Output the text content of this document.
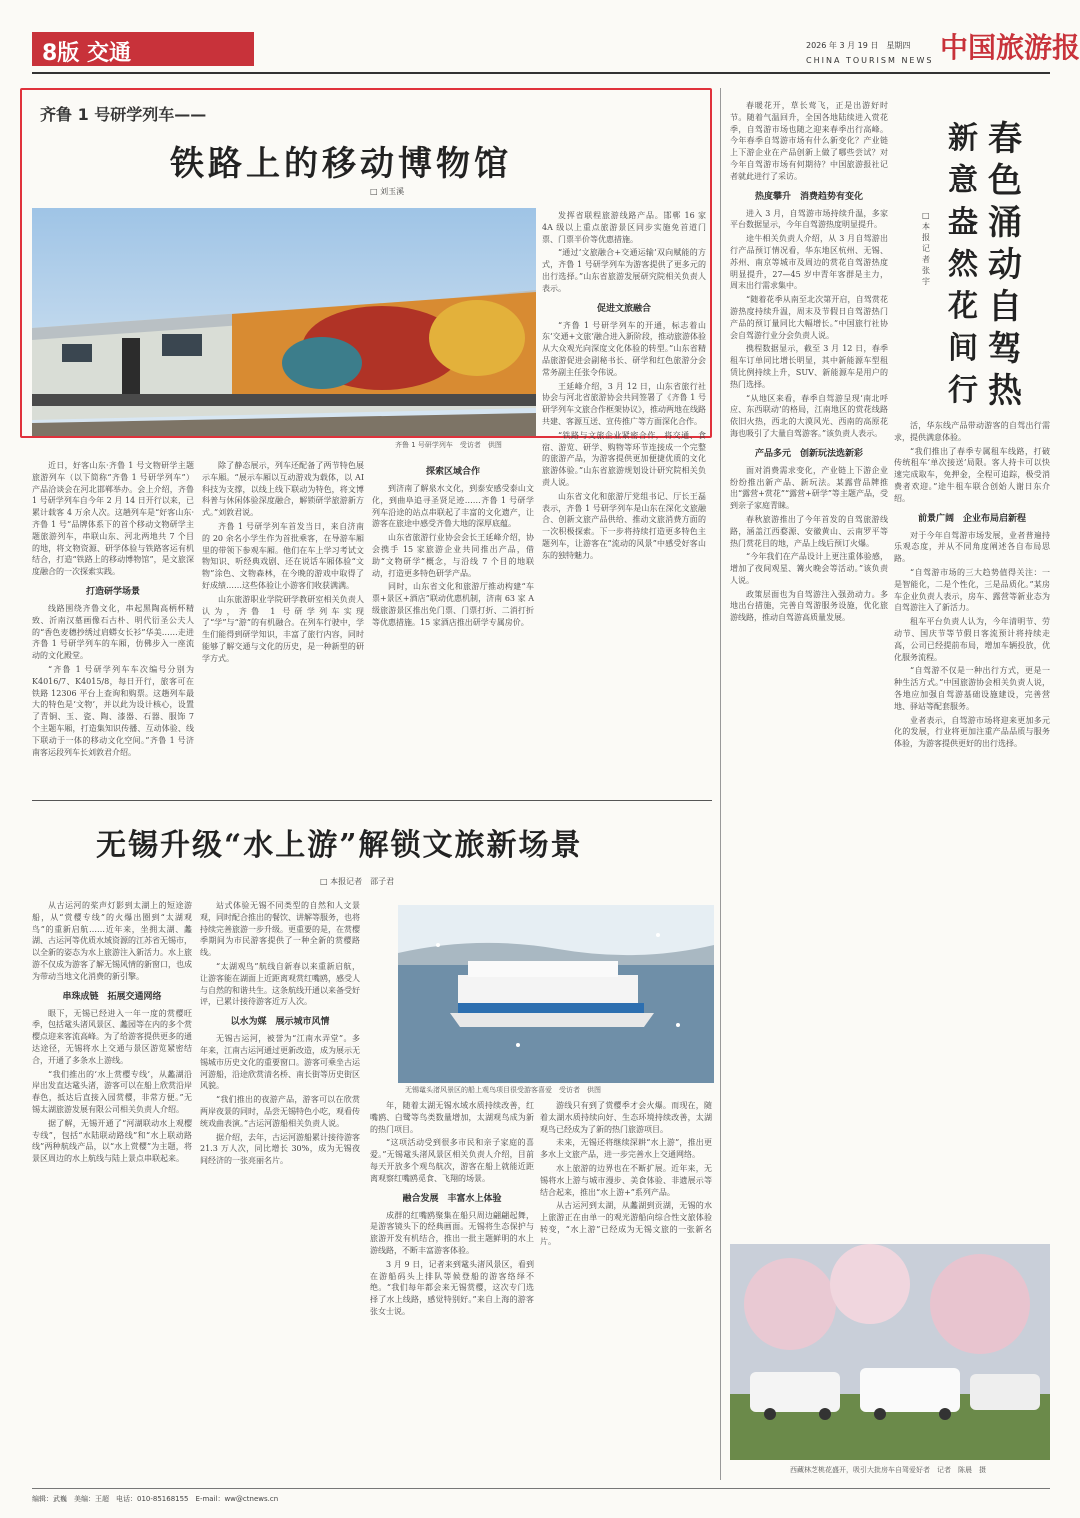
8版 交通	2026 年 3 月 19 日　星期四
CHINA TOURISM NEWS 中国旅游报
齐鲁 1 号研学列车——
铁路上的移动博物馆
□ 刘玉溪
齐鲁 1 号研学列车　受访者　供图

近日，好客山东·齐鲁 1 号文物研学主题旅游列车（以下简称“齐鲁 1 号研学列车”）产品洽谈会在河北邯郸举办。会上介绍，齐鲁 1 号研学列车自今年 2 月 14 日开行以来，已累计载客 4 万余人次。这趟列车是“好客山东·齐鲁 1 号”品牌体系下的首个移动文物研学主题旅游列车，串联山东、河北两地共 7 个目的地，将文物资源、研学体验与铁路客运有机结合，打造“铁路上的移动博物馆”，是文旅深度融合的一次探索实践。

打造研学场景

线路围绕齐鲁文化，串起黑陶高柄杯精致、沂南汉墓画像石古朴、明代衍圣公夫人的“香色麦穗抄绣过肩蟒女长衫”华美……走进齐鲁 1 号研学列车的车厢，仿佛步入一座流动的文化殿堂。

“齐鲁 1 号研学列车车次编号分别为 K4016/7、K4015/8，每日开行，旅客可在铁路 12306 平台上查询和购票。这趟列车最大的特色是‘文物’，并以此为设计核心，设置了青铜、玉、瓷、陶、漆器、石器、服饰 7 个主题车厢，打造集知识传播、互动体验、线下联动于一体的移动文化空间。”齐鲁 1 号济南客运段列车长刘敦君介绍。

除了静态展示，列车还配备了两节特色展示车厢。“展示车厢以互动游戏为载体，以 AI 科技为支撑，以线上线下联动为特色，将文博科普与休闲体验深度融合，解锁研学旅游新方式。”刘敦君说。

齐鲁 1 号研学列车首发当日，来自济南的 20 余名小学生作为首批乘客，在导游车厢里的带领下参观车厢。他们在车上学习考试文物知识、听经典戏剧、还在说话车厢体验“文物”涂色、文物森林，在今晚的游戏中取得了好成绩……这些体验让小游客们收获满满。

山东旅游职业学院研学教研室相关负责人认为，齐鲁 1 号研学列车实现了“学”与“游”的有机融合。在列车行驶中，学生们能得到研学知识，丰富了旅行内容，同时能够了解交通与文化的历史，是一种新型的研学方式。

探索区域合作

到济南了解泉水文化，到泰安感受泰山文化，到曲阜追寻圣贤足迹……齐鲁 1 号研学列车沿途的站点串联起了丰富的文化遗产，让游客在旅途中感受齐鲁大地的深厚底蕴。

山东省旅游行业协会会长王延峰介绍，协会携手 15 家旅游企业共同推出产品，借助“文物研学”概念，与沿线 7 个目的地联动，打造更多特色研学产品。

同时，山东省文化和旅游厅推动构建“车票+景区+酒店”联动优惠机制，济南 63 家 A 级旅游景区推出免门票、门票打折、二消打折等优惠措施。15 家酒店推出研学专属房价。

发挥省联程旅游线路产品。邯郸 16 家 4A 级以上重点旅游景区同步实施免首道门票、门票半价等优惠措施。

“通过‘文旅融合+交通运输’双向赋能的方式，齐鲁 1 号研学列车为游客提供了更多元的出行选择。”山东省旅游发展研究院相关负责人表示。

促进文旅融合

“齐鲁 1 号研学列车的开通，标志着山东‘交通+文旅’融合进入新阶段，推动旅游体验从大众观光向深度文化体验的转型。”山东省精品旅游促进会副秘书长、研学和红色旅游分会常务副主任张令伟说。

王延峰介绍，3 月 12 日，山东省旅行社协会与河北省旅游协会共同签署了《齐鲁 1 号研学列车文旅合作框架协议》，推动两地在线路共建、客源互送、宣传推广等方面深化合作。

“铁路与文旅企业紧密合作，将交通、食宿、游览、研学、购物等环节连接成一个完整的旅游产品，为游客提供更加便捷优质的文化旅游体验。”山东省旅游规划设计研究院相关负责人说。

山东省文化和旅游厅党组书记、厅长王磊表示，齐鲁 1 号研学列车是山东在深化文旅融合、创新文旅产品供给、推动文旅消费方面的一次积极探索。下一步将持续打造更多特色主题列车，让游客在“流动的风景”中感受好客山东的独特魅力。

无锡升级“水上游”解锁文旅新场景
□ 本报记者　邵子君

从古运河的桨声灯影到太湖上的短途游船，从“赏樱专线”的火爆出圈到“太湖观鸟”的重新启航……近年来，坐拥太湖、蠡湖、古运河等优质水域资源的江苏省无锡市，以全新的姿态为水上旅游注入新活力。水上旅游不仅成为游客了解无锡风情的新窗口，也成为带动当地文化消费的新引擎。

串珠成链　拓展交通网络

眼下，无锡已经进入一年一度的赏樱旺季，包括鼋头渚风景区、蠡园等在内的多个赏樱点迎来客流高峰。为了给游客提供更多的通达途径，无锡将水上交通与景区游览紧密结合，开通了多条水上游线。

“我们推出的‘水上赏樱专线’，从蠡湖沿岸出发直达鼋头渚，游客可以在船上欣赏沿岸春色，抵达后直接入园赏樱，非常方便。”无锡太湖旅游发展有限公司相关负责人介绍。

据了解，无锡开通了“河湖联动水上观樱专线”，包括“水陆联动路线”和“水上联动路线”两种航线产品，以“水上赏樱”为主题，将景区周边的水上航线与陆上景点串联起来。

站式体验无锡不同类型的自然和人文景观，同时配合推出的餐饮、讲解等服务，也将持续完善旅游一步升级。更重要的是，在赏樱季期间为市民游客提供了一种全新的赏樱路线。

“太湖观鸟”航线自新春以来重新启航，让游客能在湖面上近距离观赏红嘴鸥，感受人与自然的和谐共生。这条航线开通以来备受好评，已累计接待游客近万人次。

以水为媒　展示城市风情

无锡古运河，被誉为“江南水弄堂”。多年来，江南古运河通过更新改造，成为展示无锡城市历史文化的重要窗口。游客可乘坐古运河游船，沿途欣赏清名桥、南长街等历史街区风貌。

“我们推出的夜游产品，游客可以在欣赏两岸夜景的同时，品尝无锡特色小吃，观看传统戏曲表演。”古运河游船相关负责人说。

据介绍，去年，古运河游船累计接待游客 21.3 万人次，同比增长 30%，成为无锡夜间经济的一张亮丽名片。

无锡鼋头渚风景区的船上观鸟项目很受游客喜爱　受访者　供图

年，随着太湖无锡水域水质持续改善，红嘴鸥、白鹭等鸟类数量增加，太湖观鸟成为新的热门项目。

“这项活动受到很多市民和亲子家庭的喜爱。”无锡鼋头渚风景区相关负责人介绍，目前每天开放多个观鸟航次，游客在船上就能近距离观察红嘴鸥觅食、飞翔的场景。

融合发展　丰富水上体验

成群的红嘴鸥聚集在船只周边翩翩起舞，是游客镜头下的经典画面。无锡将生态保护与旅游开发有机结合，推出一批主题鲜明的水上游线路，不断丰富游客体验。

3 月 9 日，记者来到鼋头渚风景区，看到在游船码头上排队等候登船的游客络绎不绝。“我们每年都会来无锡赏樱，这次专门选择了水上线路，感觉特别好。”来自上海的游客张女士说。

游线只有到了赏樱季才会火爆。而现在，随着太湖水质持续向好、生态环境持续改善，太湖观鸟已经成为了新的热门旅游项目。

未来，无锡还将继续深耕“水上游”，推出更多水上文旅产品，进一步完善水上交通网络。

水上旅游的边界也在不断扩展。近年来，无锡将水上游与城市漫步、美食体验、非遗展示等结合起来，推出“水上游+”系列产品。

从古运河到太湖，从蠡湖到贡湖，无锡的水上旅游正在由单一的观光游船向综合性文旅体验转变，“水上游”已经成为无锡文旅的一张新名片。

春色涌动自驾热
新意盎然花间行
□ 本报记者　张宇

春暖花开，草长莺飞，正是出游好时节。随着气温回升，全国各地陆续进入赏花季，自驾游市场也随之迎来春季出行高峰。今年春季自驾游市场有什么新变化？产业链上下游企业在产品创新上做了哪些尝试？对今年自驾游市场有何期待？中国旅游报社记者就此进行了采访。

热度攀升　消费趋势有变化

进入 3 月，自驾游市场持续升温，多家平台数据显示，今年自驾游热度明显提升。

途牛相关负责人介绍，从 3 月自驾游出行产品预订情况看，华东地区杭州、无锡、苏州、南京等城市及周边的赏花自驾游热度明显提升，27—45 岁中青年客群是主力，周末出行需求集中。

“随着花季从南至北次第开启，自驾赏花游热度持续升温，周末及节假日自驾游热门产品的预订量同比大幅增长。”中国旅行社协会自驾游行业分会负责人说。

携程数据显示，截至 3 月 12 日，春季租车订单同比增长明显，其中新能源车型租赁比例持续上升，SUV、新能源车是用户的热门选择。

“从地区来看，春季自驾游呈现‘南北呼应、东西联动’的格局，江南地区的赏花线路依旧火热，西北的大漠风光、西南的高原花海也吸引了大量自驾游客。”该负责人表示。

产品多元　创新玩法选新彩

面对消费需求变化，产业链上下游企业纷纷推出新产品、新玩法。某露营品牌推出“露营+赏花”“露营+研学”等主题产品，受到亲子家庭青睐。

春秋旅游推出了今年首发的自驾旅游线路，涵盖江西婺源、安徽黄山、云南罗平等热门赏花目的地，产品上线后预订火爆。

“今年我们在产品设计上更注重体验感，增加了夜间观星、篝火晚会等活动。”该负责人说。

政策层面也为自驾游注入强劲动力。多地出台措施，完善自驾游服务设施，优化旅游线路，推动自驾游高质量发展。

活，华东线产品带动游客的自驾出行需求，提供满意体验。

“我们推出了春季专属租车线路，打破传统租车‘单次接送’局限。客人持卡可以快速完成取车，免押金，全程可追踪，极受消费者欢迎。”途牛租车联合创始人谢日东介绍。

前景广阔　企业布局启新程

对于今年自驾游市场发展，业者普遍持乐观态度，并从不同角度阐述各自布局思路。

“自驾游市场的三大趋势值得关注：一是智能化，二是个性化，三是品质化。”某房车企业负责人表示，房车、露营等新业态为自驾游注入了新活力。

租车平台负责人认为，今年清明节、劳动节、国庆节等节假日客流预计将持续走高，公司已经提前布局，增加车辆投放，优化服务流程。

“自驾游不仅是一种出行方式，更是一种生活方式。”中国旅游协会相关负责人说，各地应加强自驾游基础设施建设，完善营地、驿站等配套服务。

业者表示，自驾游市场将迎来更加多元化的发展，行业将更加注重产品品质与服务体验，为游客提供更好的出行选择。

西藏林芝桃花盛开，吸引大批房车自驾爱好者　记者　陈晨　摄
编辑：武巍　美编：王超　电话：010-85168155　E-mail：ww@ctnews.cn
